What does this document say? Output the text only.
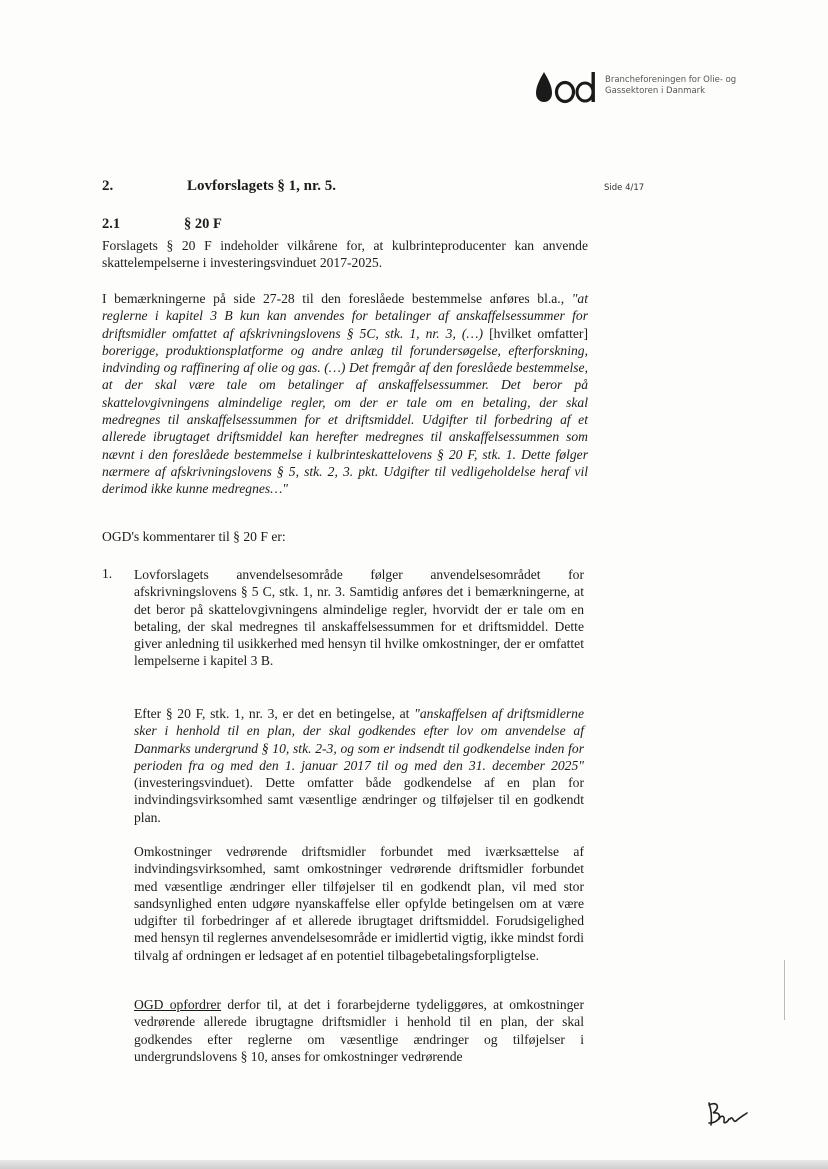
Brancheforeningen for Olie- og
Gassektoren i Danmark
2.	Lovforslagets § 1, nr. 5.	Side 4/17
2.1	§ 20 F
Forslagets § 20 F indeholder vilkårene for, at kulbrinteproducenter kan anvende skattelempelserne i investeringsvinduet 2017-2025.
I bemærkningerne på side 27-28 til den foreslåede bestemmelse anføres bl.a., "at reglerne i kapitel 3 B kun kan anvendes for betalinger af anskaffelsessummer for driftsmidler omfattet af afskrivningslovens § 5C, stk. 1, nr. 3, (…) [hvilket omfatter] borerigge, produktionsplatforme og andre anlæg til forundersøgelse, efterforskning, indvinding og raffinering af olie og gas. (…) Det fremgår af den foreslåede bestemmelse, at der skal være tale om betalinger af anskaffelsessummer. Det beror på skattelovgivningens almindelige regler, om der er tale om en betaling, der skal medregnes til anskaffelsessummen for et driftsmiddel. Udgifter til forbedring af et allerede ibrugtaget driftsmiddel kan herefter medregnes til anskaffelsessummen som nævnt i den foreslåede bestemmelse i kulbrinteskattelovens § 20 F, stk. 1. Dette følger nærmere af afskrivningslovens § 5, stk. 2, 3. pkt. Udgifter til vedligeholdelse heraf vil derimod ikke kunne medregnes…"
OGD's kommentarer til § 20 F er:
1. Lovforslagets anvendelsesområde følger anvendelsesområdet for afskrivningslovens § 5 C, stk. 1, nr. 3. Samtidig anføres det i bemærkningerne, at det beror på skattelovgivningens almindelige regler, hvorvidt der er tale om en betaling, der skal medregnes til anskaffelsessummen for et driftsmiddel. Dette giver anledning til usikkerhed med hensyn til hvilke omkostninger, der er omfattet lempelserne i kapitel 3 B.
Efter § 20 F, stk. 1, nr. 3, er det en betingelse, at "anskaffelsen af driftsmidlerne sker i henhold til en plan, der skal godkendes efter lov om anvendelse af Danmarks undergrund § 10, stk. 2-3, og som er indsendt til godkendelse inden for perioden fra og med den 1. januar 2017 til og med den 31. december 2025" (investeringsvinduet). Dette omfatter både godkendelse af en plan for indvindingsvirksomhed samt væsentlige ændringer og tilføjelser til en godkendt plan.
Omkostninger vedrørende driftsmidler forbundet med iværksættelse af indvindingsvirksomhed, samt omkostninger vedrørende driftsmidler forbundet med væsentlige ændringer eller tilføjelser til en godkendt plan, vil med stor sandsynlighed enten udgøre nyanskaffelse eller opfylde betingelsen om at være udgifter til forbedringer af et allerede ibrugtaget driftsmiddel. Forudsigelighed med hensyn til reglernes anvendelsesområde er imidlertid vigtig, ikke mindst fordi tilvalg af ordningen er ledsaget af en potentiel tilbagebetalingsforpligtelse.
OGD opfordrer derfor til, at det i forarbejderne tydeliggøres, at omkostninger vedrørende allerede ibrugtagne driftsmidler i henhold til en plan, der skal godkendes efter reglerne om væsentlige ændringer og tilføjelser i undergrundslovens § 10, anses for omkostninger vedrørende
